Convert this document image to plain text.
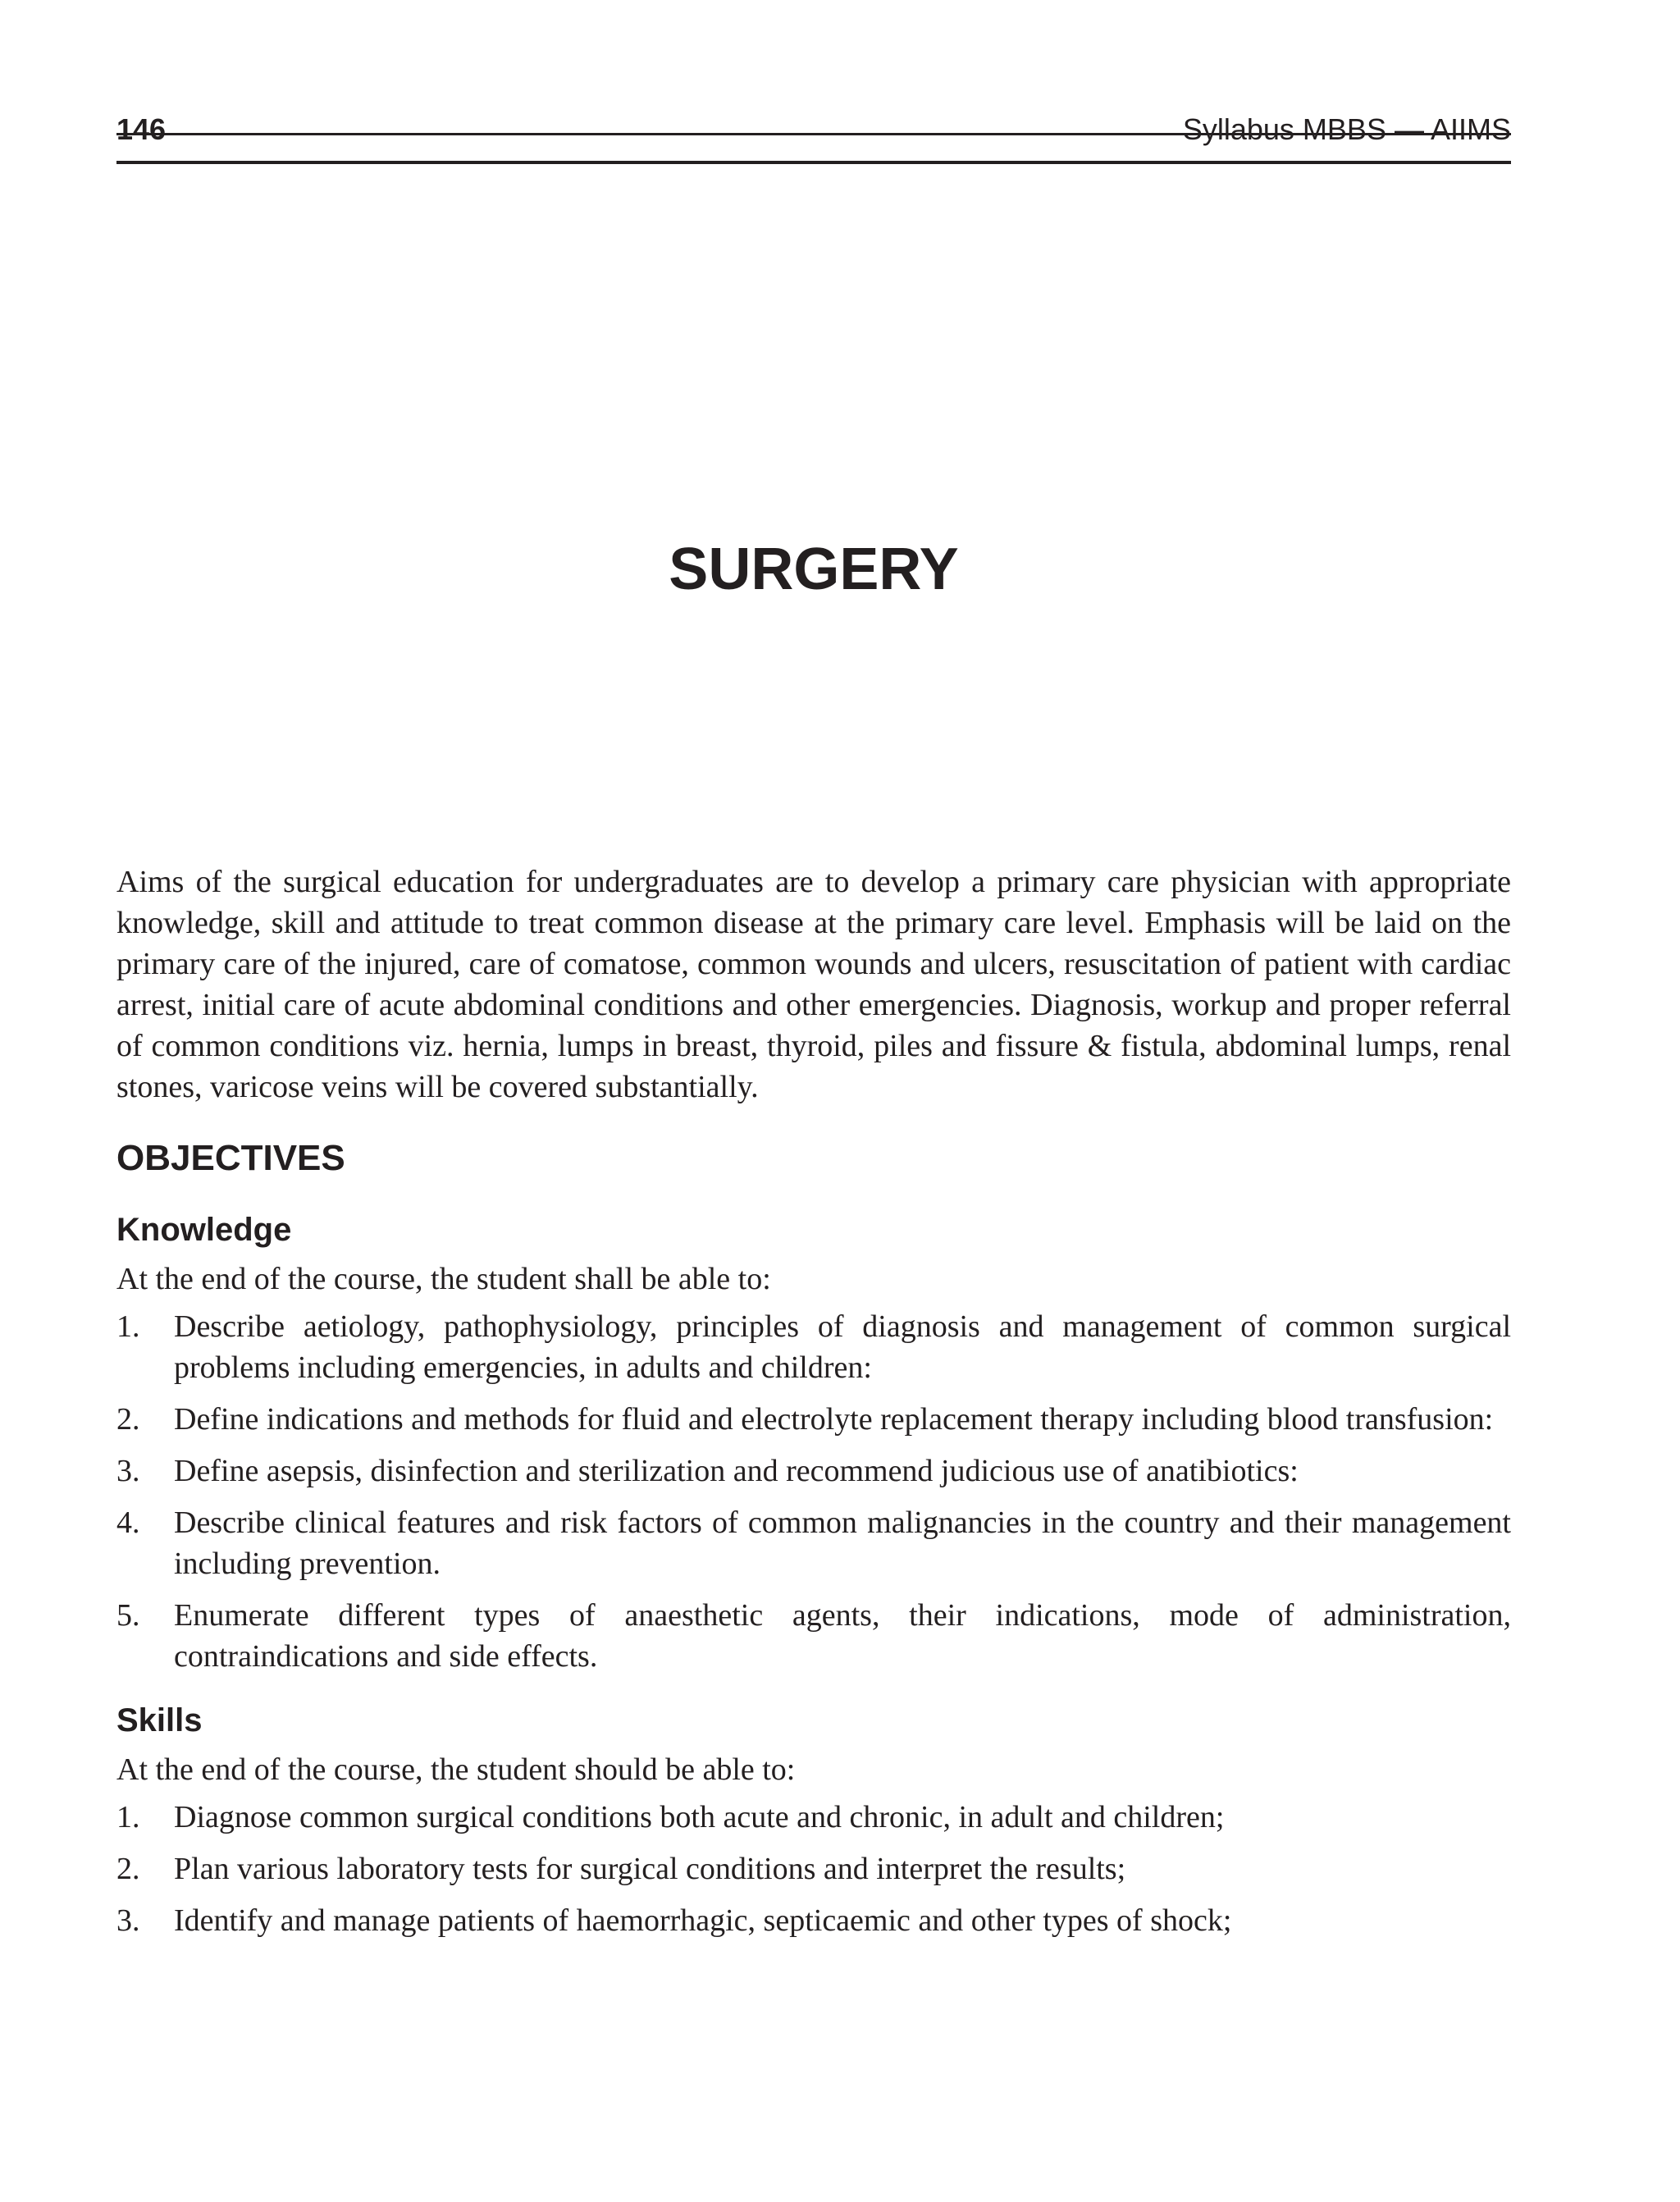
146	Syllabus MBBS — AIIMS
SURGERY

Aims of the surgical education for undergraduates are to develop a primary care physician with appropriate knowledge, skill and attitude to treat common disease at the primary care level. Emphasis will be laid on the primary care of the injured, care of comatose, common wounds and ulcers, resuscitation of patient with cardiac arrest, initial care of acute abdominal conditions and other emergencies. Diagnosis, workup and proper referral of common conditions viz. hernia, lumps in breast, thyroid, piles and fissure & fistula, abdominal lumps, renal stones, varicose veins will be covered substantially.

OBJECTIVES
Knowledge

At the end of the course, the student shall be able to:

1. Describe aetiology, pathophysiology, principles of diagnosis and management of common surgical problems including emergencies, in adults and children:
2. Define indications and methods for fluid and electrolyte replacement therapy including blood transfusion:
3. Define asepsis, disinfection and sterilization and recommend judicious use of anatibiotics:
4. Describe clinical features and risk factors of common malignancies in the country and their management including prevention.
5. Enumerate different types of anaesthetic agents, their indications, mode of administration, contraindications and side effects.
Skills

At the end of the course, the student should be able to:

1. Diagnose common surgical conditions both acute and chronic, in adult and children;
2. Plan various laboratory tests for surgical conditions and interpret the results;
3. Identify and manage patients of haemorrhagic, septicaemic and other types of shock;
